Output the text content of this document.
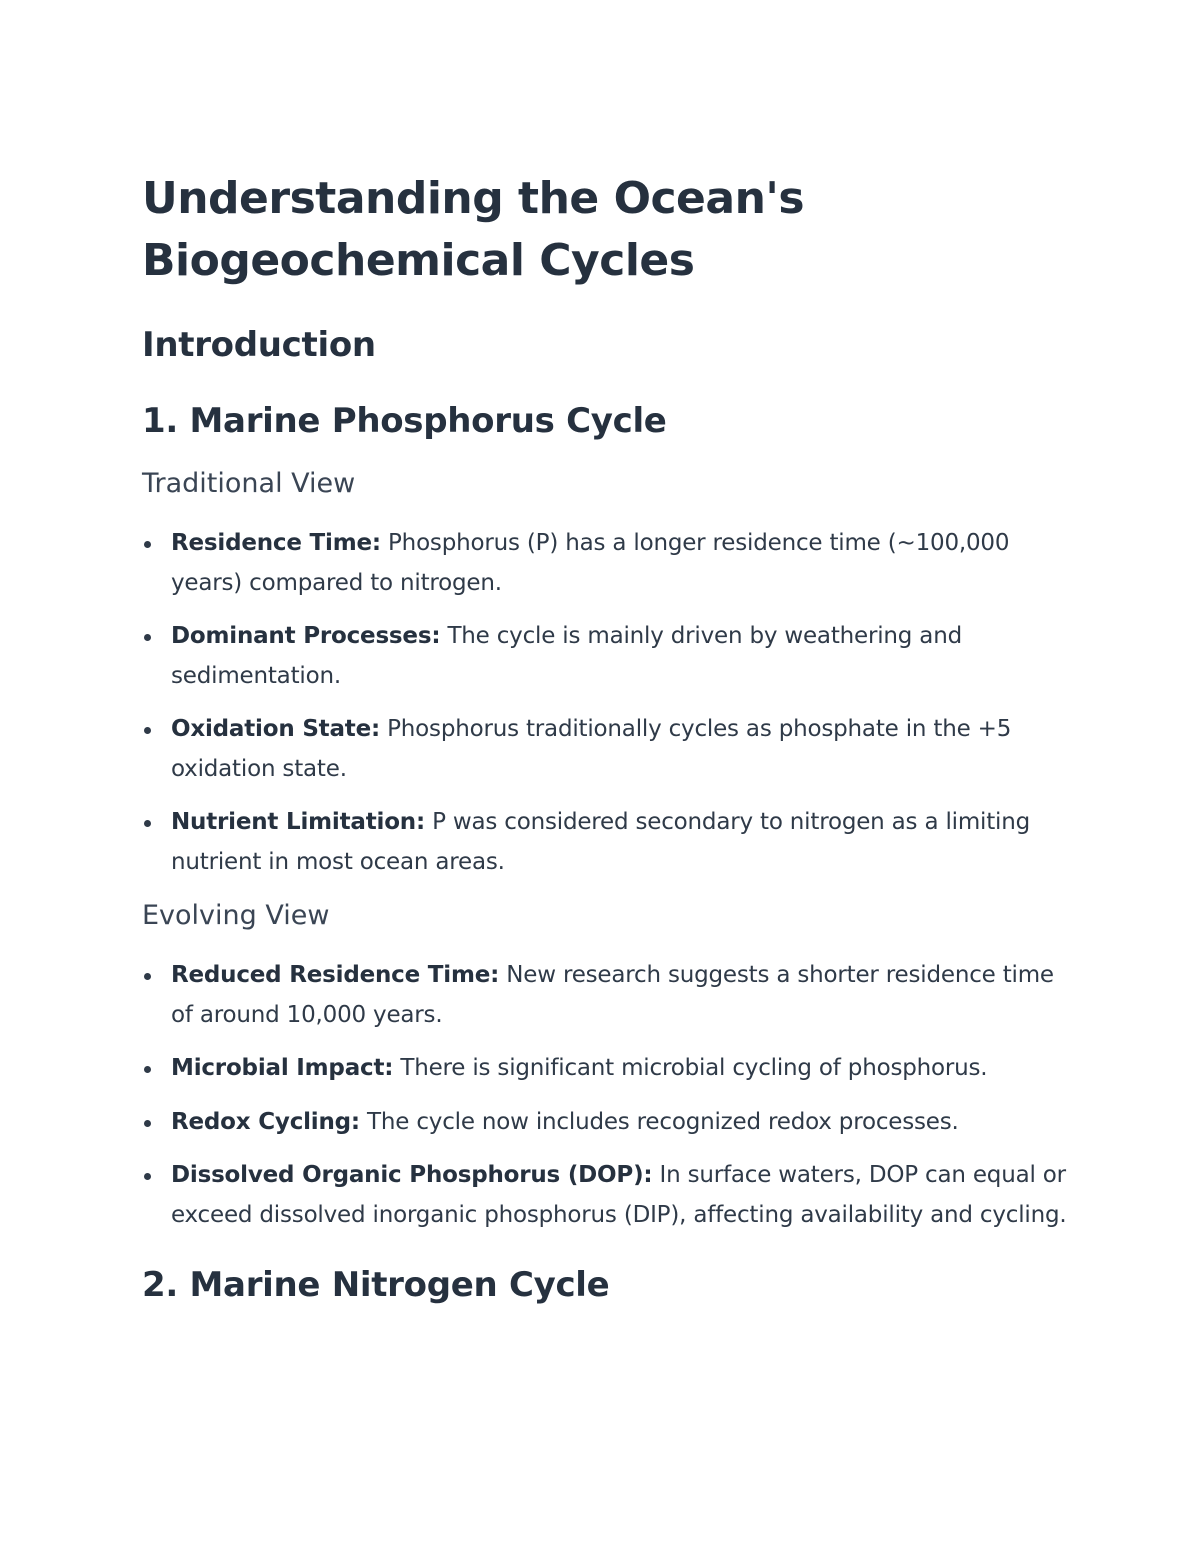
Understanding the Ocean's
Biogeochemical Cycles
Introduction
1. Marine Phosphorus Cycle
Traditional View
Residence Time: Phosphorus (P) has a longer residence time (~100,000 years) compared to nitrogen.
Dominant Processes: The cycle is mainly driven by weathering and sedimentation.
Oxidation State: Phosphorus traditionally cycles as phosphate in the +5 oxidation state.
Nutrient Limitation: P was considered secondary to nitrogen as a limiting nutrient in most ocean areas.
Evolving View
Reduced Residence Time: New research suggests a shorter residence time of around 10,000 years.
Microbial Impact: There is significant microbial cycling of phosphorus.
Redox Cycling: The cycle now includes recognized redox processes.
Dissolved Organic Phosphorus (DOP): In surface waters, DOP can equal or exceed dissolved inorganic phosphorus (DIP), affecting availability and cycling.
2. Marine Nitrogen Cycle
